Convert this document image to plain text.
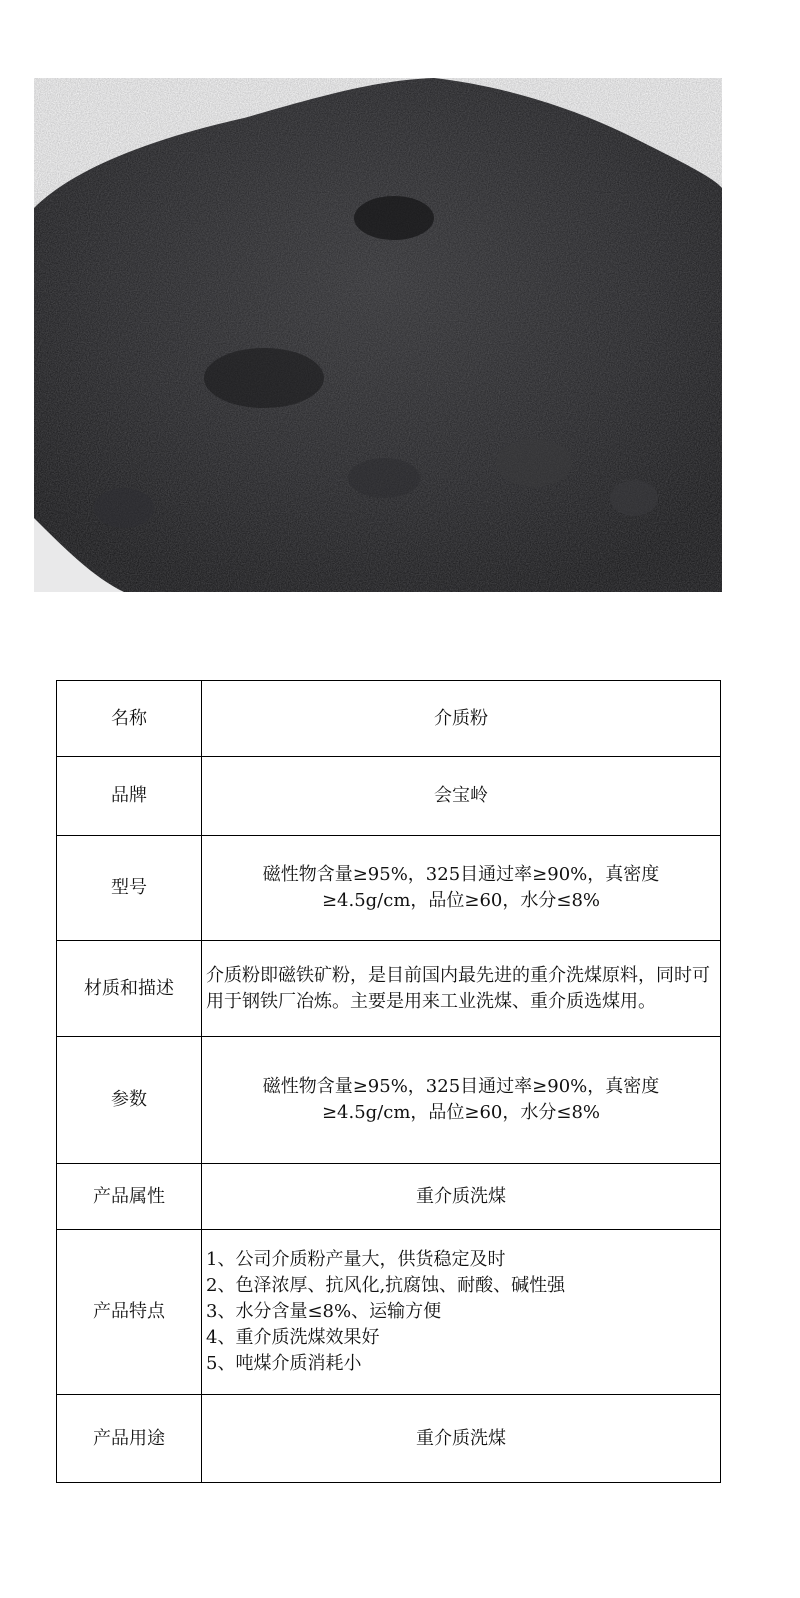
名称	介质粉
品牌	会宝岭
型号	磁性物含量≥95%，325目通过率≥90%，真密度≥4.5g/cm，品位≥60，水分≤8%
材质和描述	介质粉即磁铁矿粉，是目前国内最先进的重介洗煤原料，同时可用于钢铁厂冶炼。主要是用来工业洗煤、重介质选煤用。
参数	磁性物含量≥95%，325目通过率≥90%，真密度≥4.5g/cm，品位≥60，水分≤8%
产品属性	重介质洗煤
产品特点	1、公司介质粉产量大，供货稳定及时
2、色泽浓厚、抗风化,抗腐蚀、耐酸、碱性强
3、水分含量≤8%、运输方便
4、重介质洗煤效果好
5、吨煤介质消耗小

产品用途	重介质洗煤
